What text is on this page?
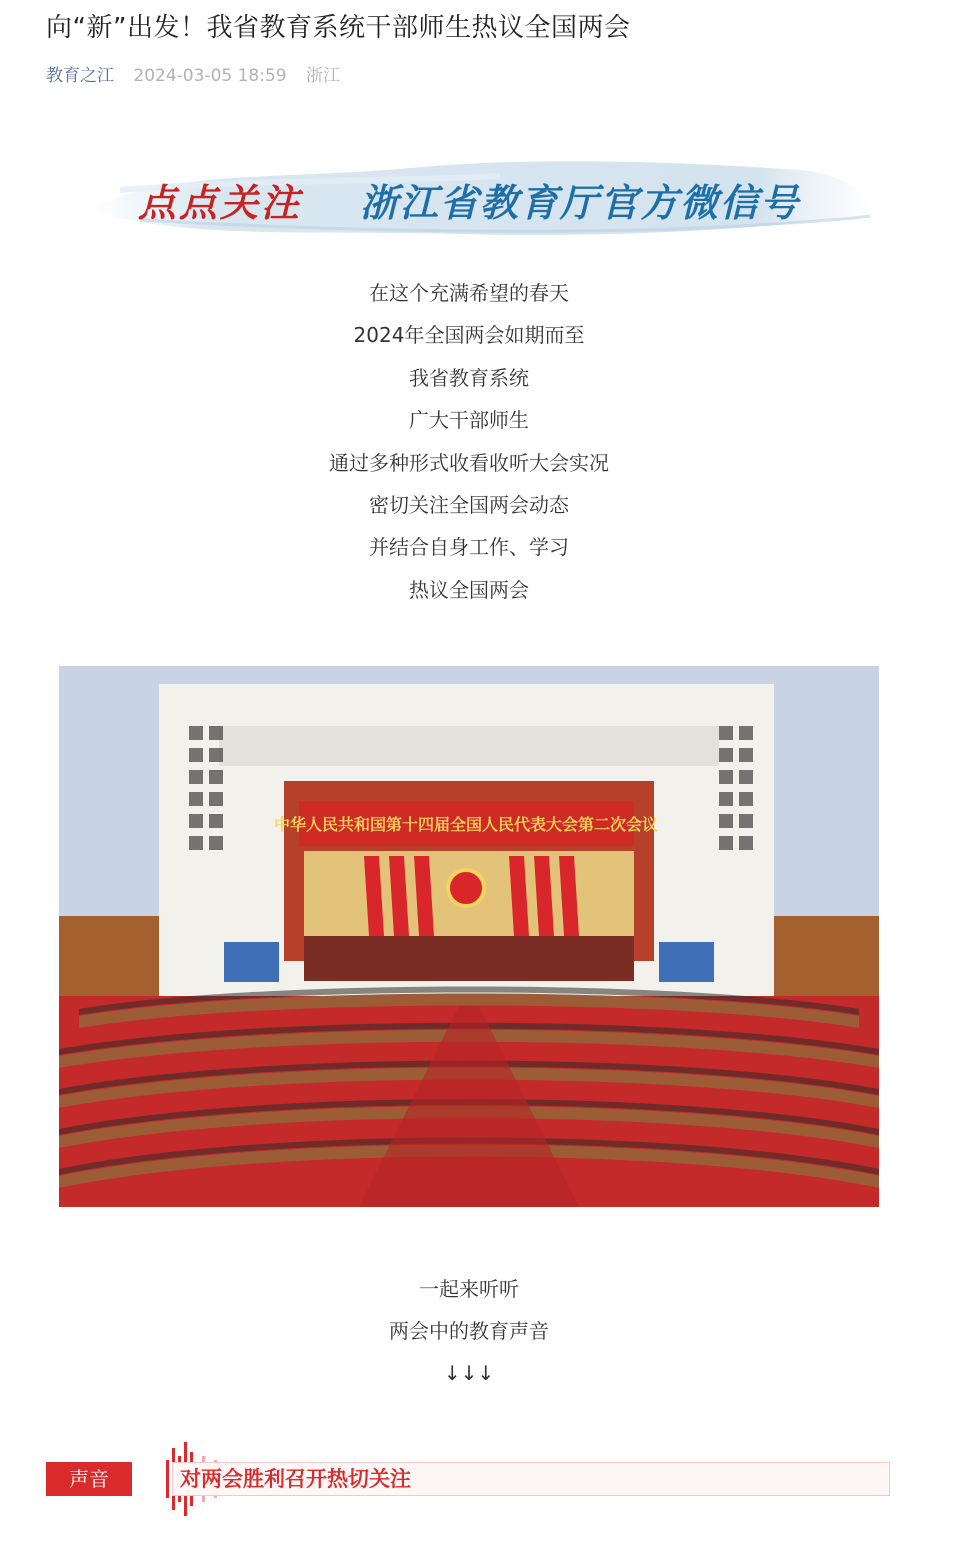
向“新”出发！我省教育系统干部师生热议全国两会
教育之江 2024-03-05 18:59 浙江
点点关注 浙江省教育厅官方微信号

在这个充满希望的春天

2024年全国两会如期而至

我省教育系统

广大干部师生

通过多种形式收看收听大会实况

密切关注全国两会动态

并结合自身工作、学习

热议全国两会

中华人民共和国第十四届全国人民代表大会第二次会议

一起来听听

两会中的教育声音

↓↓↓

声音	对两会胜利召开热切关注
